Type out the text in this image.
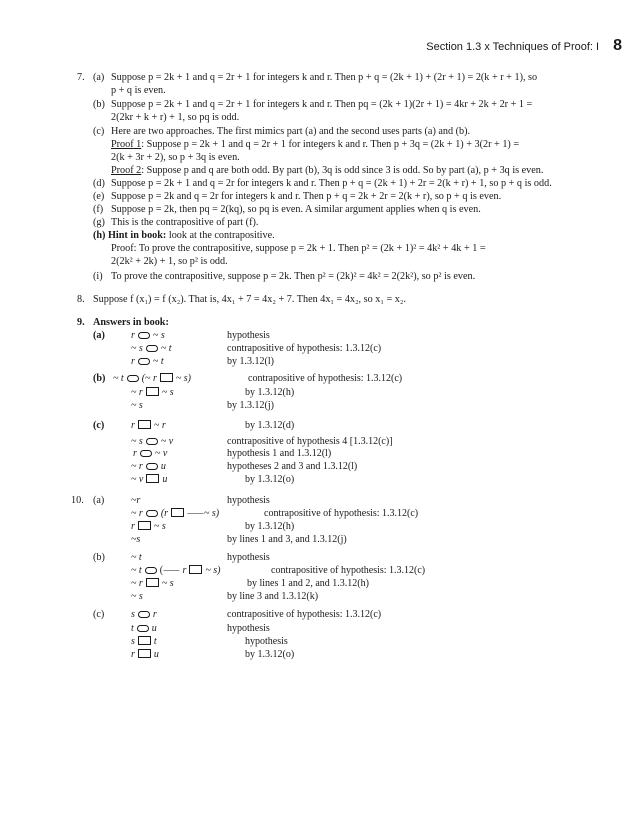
Section 1.3 x Techniques of Proof: I 8
7. (a) Suppose p = 2k + 1 and q = 2r + 1 for integers k and r. Then p + q = (2k + 1) + (2r + 1) = 2(k + r + 1), so
p + q is even.
(b) Suppose p = 2k + 1 and q = 2r + 1 for integers k and r. Then pq = (2k + 1)(2r + 1) = 4kr + 2k + 2r + 1 =
2(2kr + k + r) + 1, so pq is odd.
(c) Here are two approaches. The first mimics part (a) and the second uses parts (a) and (b).
Proof 1: Suppose p = 2k + 1 and q = 2r + 1 for integers k and r. Then p + 3q = (2k + 1) + 3(2r + 1) =
2(k + 3r + 2), so p + 3q is even.
Proof 2: Suppose p and q are both odd. By part (b), 3q is odd since 3 is odd. So by part (a), p + 3q is even.
(d) Suppose p = 2k + 1 and q = 2r for integers k and r. Then p + q = (2k + 1) + 2r = 2(k + r) + 1, so p + q is odd.
(e) Suppose p = 2k and q = 2r for integers k and r. Then p + q = 2k + 2r = 2(k + r), so p + q is even.
(f) Suppose p = 2k, then pq = 2(kq), so pq is even. A similar argument applies when q is even.
(g) This is the contrapositive of part (f).
(h) Hint in book: look at the contrapositive.
Proof: To prove the contrapositive, suppose p = 2k + 1. Then p² = (2k + 1)² = 4k² + 4k + 1 =
2(2k² + 2k) + 1, so p² is odd.
(i) To prove the contrapositive, suppose p = 2k. Then p² = (2k)² = 4k² = 2(2k²), so p² is even.
8. Suppose f (x₁) = f (x₂). That is, 4x₁ + 7 = 4x₂ + 7. Then 4x₁ = 4x₂, so x₁ = x₂.
9. Answers in book:
(a)	r ~ s	hypothesis
~ s ~ t	contrapositive of hypothesis: 1.3.12(c)
r ~ t	by 1.3.12(l)
(b) ~ t (~ r ~ s)	contrapositive of hypothesis: 1.3.12(c)
~ r ~ s	by 1.3.12(h)
~ s	by 1.3.12(j)
(c)	r ~ r	by 1.3.12(d)
~ s ~ v	contrapositive of hypothesis 4 [1.3.12(c)]
r ~ v	hypothesis 1 and 1.3.12(l)
~ r u	hypotheses 2 and 3 and 1.3.12(l)
~ v u	by 1.3.12(o)
10. (a)	~r	hypothesis
~ r (r ⸺~ s)	contrapositive of hypothesis: 1.3.12(c)
r ~ s	by 1.3.12(h)
~s	by lines 1 and 3, and 1.3.12(j)
(b)	~ t	hypothesis
~ t (⸺ r ~ s)	contrapositive of hypothesis: 1.3.12(c)
~ r ~ s	by lines 1 and 2, and 1.3.12(h)
~ s	by line 3 and 1.3.12(k)
(c)	s r	contrapositive of hypothesis: 1.3.12(c)
t u	hypothesis
s t	hypothesis
r u	by 1.3.12(o)
